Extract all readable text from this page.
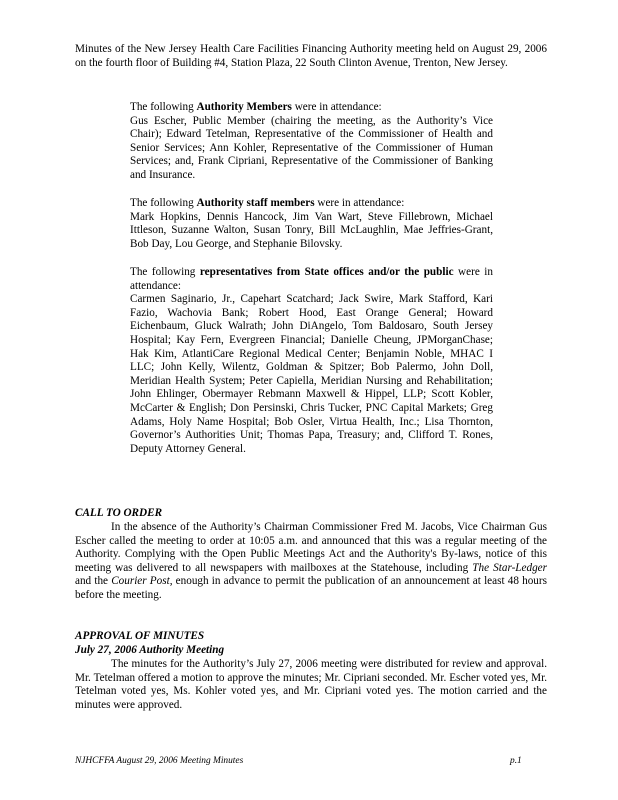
Minutes of the New Jersey Health Care Facilities Financing Authority meeting held on August 29, 2006 on the fourth floor of Building #4, Station Plaza, 22 South Clinton Avenue, Trenton, New Jersey.

The following Authority Members were in attendance:

Gus Escher, Public Member (chairing the meeting, as the Authority’s Vice Chair); Edward Tetelman, Representative of the Commissioner of Health and Senior Services; Ann Kohler, Representative of the Commissioner of Human Services; and, Frank Cipriani, Representative of the Commissioner of Banking and Insurance.

The following Authority staff members were in attendance:

Mark Hopkins, Dennis Hancock, Jim Van Wart, Steve Fillebrown, Michael Ittleson, Suzanne Walton, Susan Tonry, Bill McLaughlin, Mae Jeffries-Grant, Bob Day, Lou George, and Stephanie Bilovsky.

The following representatives from State offices and/or the public were in attendance:

Carmen Saginario, Jr., Capehart Scatchard; Jack Swire, Mark Stafford, Kari Fazio, Wachovia Bank; Robert Hood, East Orange General; Howard Eichenbaum, Gluck Walrath; John DiAngelo, Tom Baldosaro, South Jersey Hospital; Kay Fern, Evergreen Financial; Danielle Cheung, JPMorganChase; Hak Kim, AtlantiCare Regional Medical Center; Benjamin Noble, MHAC I LLC; John Kelly, Wilentz, Goldman & Spitzer; Bob Palermo, John Doll, Meridian Health System; Peter Capiella, Meridian Nursing and Rehabilitation; John Ehlinger, Obermayer Rebmann Maxwell & Hippel, LLP; Scott Kobler, McCarter & English; Don Persinski, Chris Tucker, PNC Capital Markets; Greg Adams, Holy Name Hospital; Bob Osler, Virtua Health, Inc.; Lisa Thornton, Governor’s Authorities Unit; Thomas Papa, Treasury; and, Clifford T. Rones, Deputy Attorney General.

CALL TO ORDER

In the absence of the Authority’s Chairman Commissioner Fred M. Jacobs, Vice Chairman Gus Escher called the meeting to order at 10:05 a.m. and announced that this was a regular meeting of the Authority. Complying with the Open Public Meetings Act and the Authority's By-laws, notice of this meeting was delivered to all newspapers with mailboxes at the Statehouse, including The Star-Ledger and the Courier Post, enough in advance to permit the publication of an announcement at least 48 hours before the meeting.

APPROVAL OF MINUTES
July 27, 2006 Authority Meeting

The minutes for the Authority’s July 27, 2006 meeting were distributed for review and approval. Mr. Tetelman offered a motion to approve the minutes; Mr. Cipriani seconded. Mr. Escher voted yes, Mr. Tetelman voted yes, Ms. Kohler voted yes, and Mr. Cipriani voted yes. The motion carried and the minutes were approved.

NJHCFFA August 29, 2006 Meeting Minutes	p.1
